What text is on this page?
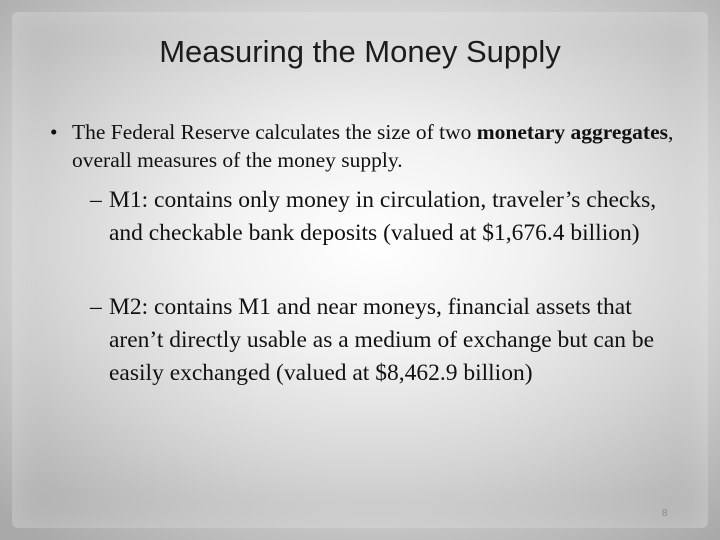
Measuring the Money Supply
• The Federal Reserve calculates the size of two monetary aggregates, overall measures of the money supply.
– M1: contains only money in circulation, traveler’s checks, and checkable bank deposits (valued at $1,676.4 billion)
– M2: contains M1 and near moneys, financial assets that aren’t directly usable as a medium of exchange but can be easily exchanged (valued at $8,462.9 billion)
8
